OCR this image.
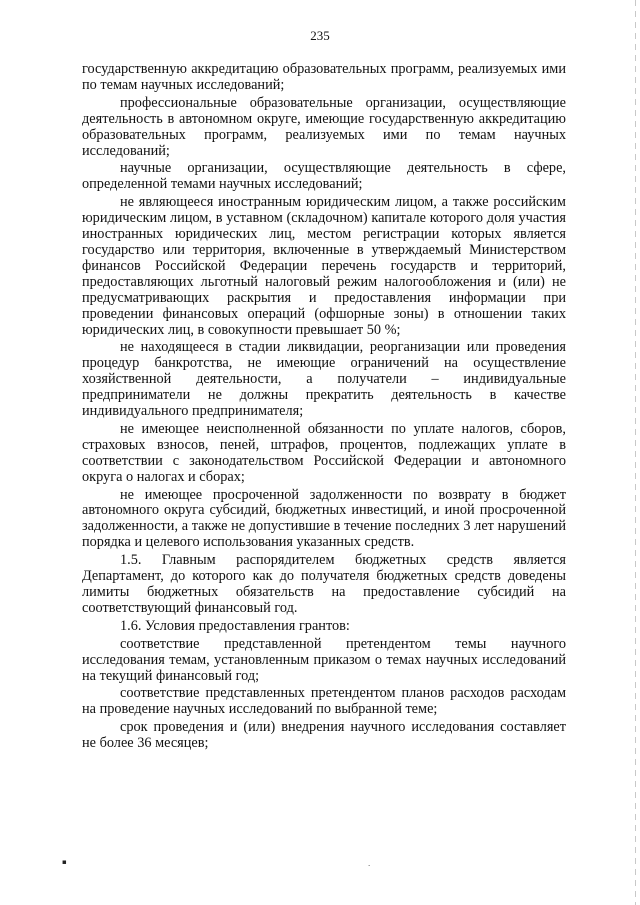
235

государственную аккредитацию образовательных программ, реализуемых ими по темам научных исследований;

профессиональные образовательные организации, осуществляющие деятельность в автономном округе, имеющие государственную аккредитацию образовательных программ, реализуемых ими по темам научных исследований;

научные организации, осуществляющие деятельность в сфере, определенной темами научных исследований;

не являющееся иностранным юридическим лицом, а также российским юридическим лицом, в уставном (складочном) капитале которого доля участия иностранных юридических лиц, местом регистрации которых является государство или территория, включенные в утверждаемый Министерством финансов Российской Федерации перечень государств и территорий, предоставляющих льготный налоговый режим налогообложения и (или) не предусматривающих раскрытия и предоставления информации при проведении финансовых операций (офшорные зоны) в отношении таких юридических лиц, в совокупности превышает 50 %;

не находящееся в стадии ликвидации, реорганизации или проведения процедур банкротства, не имеющие ограничений на осуществление хозяйственной деятельности, а получатели – индивидуальные предприниматели не должны прекратить деятельность в качестве индивидуального предпринимателя;

не имеющее неисполненной обязанности по уплате налогов, сборов, страховых взносов, пеней, штрафов, процентов, подлежащих уплате в соответствии с законодательством Российской Федерации и автономного округа о налогах и сборах;

не имеющее просроченной задолженности по возврату в бюджет автономного округа субсидий, бюджетных инвестиций, и иной просроченной задолженности, а также не допустившие в течение последних 3 лет нарушений порядка и целевого использования указанных средств.

1.5. Главным распорядителем бюджетных средств является Департамент, до которого как до получателя бюджетных средств доведены лимиты бюджетных обязательств на предоставление субсидий на соответствующий финансовый год.

1.6. Условия предоставления грантов:

соответствие представленной претендентом темы научного исследования темам, установленным приказом о темах научных исследований на текущий финансовый год;

соответствие представленных претендентом планов расходов расходам на проведение научных исследований по выбранной теме;

срок проведения и (или) внедрения научного исследования составляет не более 36 месяцев;

▪	·
